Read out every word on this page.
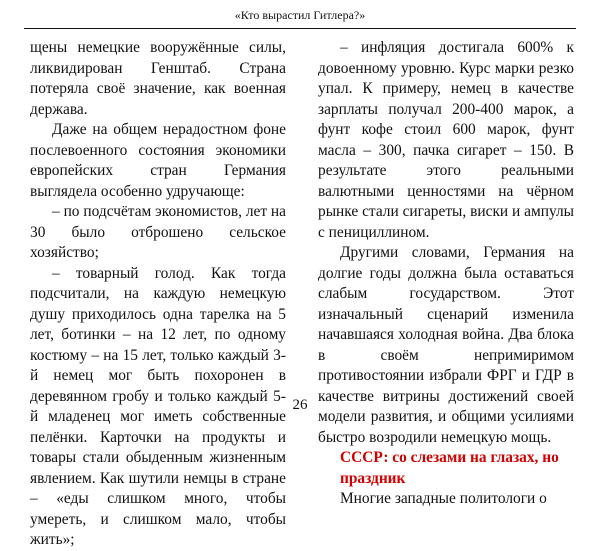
«Кто вырастил Гитлера?»

щены немецкие вооружённые силы, ликвидирован Генштаб. Страна потеряла своё значение, как военная держава.

Даже на общем нерадостном фоне послевоенного состояния экономики европейских стран Германия выглядела особенно удручающе:

– по подсчётам экономистов, лет на 30 было отброшено сельское хозяйство;

– товарный голод. Как тогда подсчитали, на каждую немецкую душу приходилось одна тарелка на 5 лет, ботинки – на 12 лет, по одному костюму – на 15 лет, только каждый 3-й немец мог быть похоронен в деревянном гробу и только каждый 5-й младенец мог иметь собственные пелёнки. Карточки на продукты и товары стали обыденным жизненным явлением. Как шутили немцы в стране – «еды слишком много, чтобы умереть, и слишком мало, чтобы жить»;

– инфляция достигала 600% к довоенному уровню. Курс марки резко упал. К примеру, немец в качестве зарплаты получал 200-400 марок, а фунт кофе стоил 600 марок, фунт масла – 300, пачка сигарет – 150. В результате этого реальными валютными ценностями на чёрном рынке стали сигареты, виски и ампулы с пенициллином.

Другими словами, Германия на долгие годы должна была оставаться слабым государством. Этот изначальный сценарий изменила начавшаяся холодная война. Два блока в своём непримиримом противостоянии избрали ФРГ и ГДР в качестве витрины достижений своей модели развития, и общими усилиями быстро возродили немецкую мощь.

СССР: со слезами на глазах, но праздник

Многие западные политологи о

26
